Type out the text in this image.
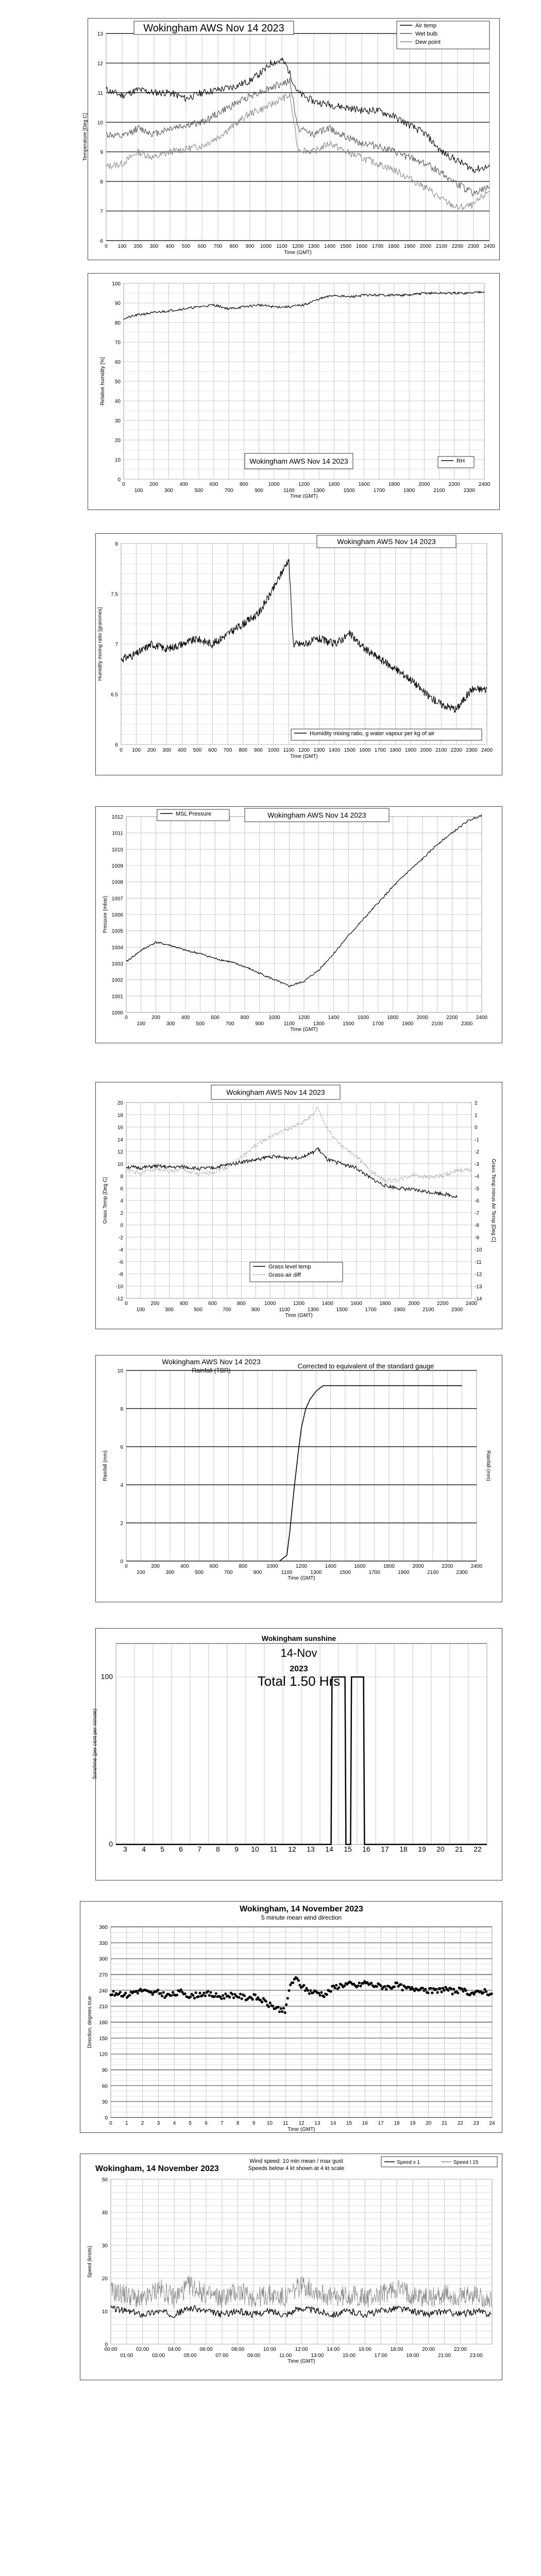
6
7
8
9
10
11
12
13
0 100 200 300 400 500 600 700 800 900 1000 1100 1200 1300 1400 1500 1600 1700 1800 1900 2000 2100 2200 2300 2400
Time (GMT)
Temperature [Deg C]
Wokingham AWS Nov 14 2023	Air temp
Wet bulb
Dew point
0
10
20
30
40
50
60
70
80
90
100
0	200	400	600	800	1000	1200	1400	1600	1800	2000	2200	2400
100	300	500	700	900	1100	1300	1500	1700	1900	2100	2300
Time (GMT)
Relative humidity [%]
Wokingham AWS Nov 14 2023	RH
6
6.5
7
7.5
8
0 100 200 300 400 500 600 700 800 900 1000 1100 1200 1300 1400 1500 1600 1700 1800 1900 2000 2100 2200 2300 2400
Time (GMT)
Humidity mixing ratio [grammes]
Wokingham AWS Nov 14 2023
Humidity mixing ratio, g water vapour per kg of air
1000
1001
1002
1003
1004
1005
1006
1007
1008
1009
1010
1011
1012
0	200	400	600	800	1000	1200	1400	1600	1800	2000	2200	2400
100	300	500	700	900	1100	1300	1500	1700	1900	2100	2300
Time (GMT)
Pressure (mbar)
MSL Pressure	Wokingham AWS Nov 14 2023
-12
-10
-8
-6
-4
-2
0
2
4
6
8
10
12
14
16
18
20
0	200	400	600	800	1000	1200	1400	1600	1800	2000	2200	2400
100	300	500	700	900	1100	1300	1500	1700	1900	2100	2300
Time (GMT)
Grass Temp [Deg C]
-14
-13
-12
-11
-10
-9
-8
-7
-6
-5
-4
-3
-2
-1
0
1
2
Grass Temp minus Air Temp [Deg C]
Wokingham AWS Nov 14 2023
Grass level temp
Grass-air diff
0
2
4
6
8
10
0	200	400	600	800	1000	1200	1400	1600	1800	2000	2200	2400
100	300	500	700	900	1100	1300	1500	1700	1900	2100	2300
Time (GMT)
Rainfall (mm)	Rainfall (mm)
Wokingham AWS Nov 14 2023
Rainfall (TBR)
Corrected to equivalent of the standard gauge
0
100
3 4 5 6 7 8 9 10 11 12 13 14 15 16 17 18 19 20 21 22
Sunshine (per cent per minute)
Wokingham sunshine
14-Nov
2023
Total 1.50 Hrs
0
30
60
90
120
150
180
210
240
270
300
330
360
0	1	2	3	4	5	6	7	8	9 10 11 12 13 14 15 16 17 18 19 20 21 22 23 24
Time (GMT)
Direction, degrees true
Wokingham, 14 November 2023
5 minute mean wind direction
0
10
20
30
40
50
00:00	02:00	04:00	06:00	08:00	10:00	12:00	14:00	16:00	18:00	20:00	22:00
01:00	03:00	05:00	07:00	09:00	11:00	13:00	15:00	17:00	19:00	21:00	23:00
Time (GMT)
Speed (knots)
Wokingham, 14 November 2023
Wind speed: 10 min mean / max gust
Speeds below 4 kt shown at 4 kt scale
Speed x 1	Speed t 15
